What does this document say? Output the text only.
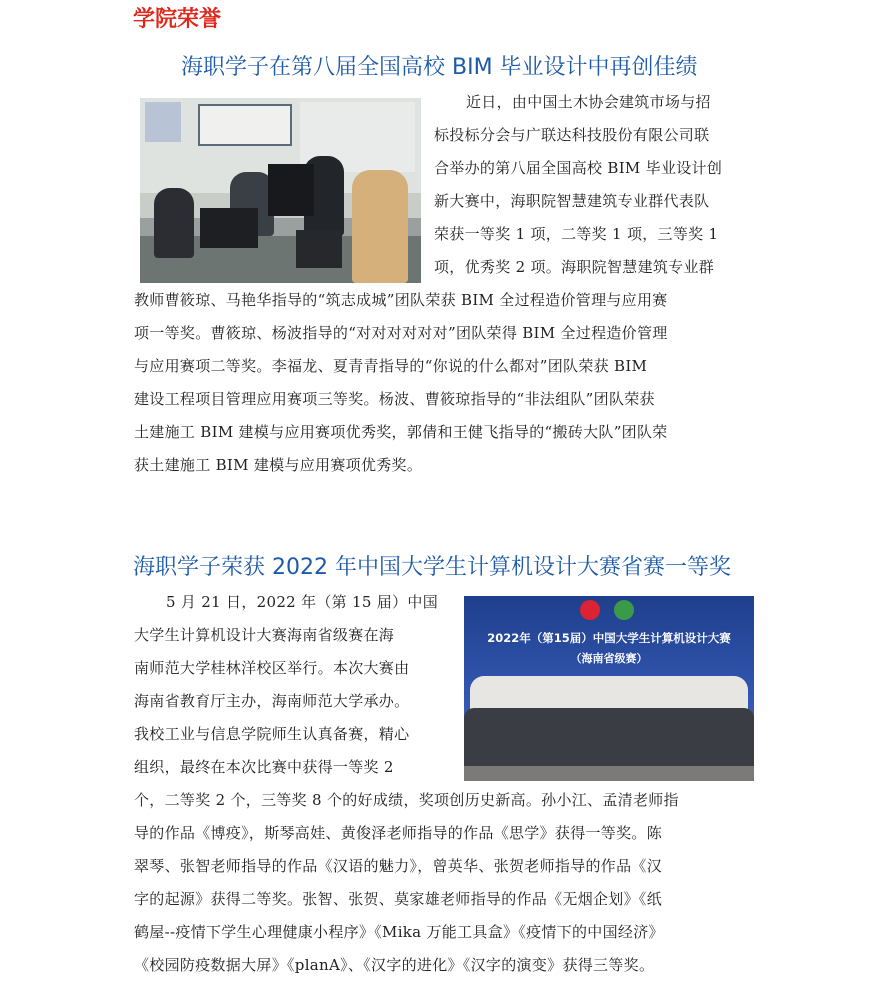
学院荣誉
海职学子在第八届全国高校 BIM 毕业设计中再创佳绩
近日，由中国土木协会建筑市场与招
标投标分会与广联达科技股份有限公司联
合举办的第八届全国高校 BIM 毕业设计创
新大赛中，海职院智慧建筑专业群代表队
荣获一等奖 1 项，二等奖 1 项，三等奖 1
项，优秀奖 2 项。海职院智慧建筑专业群
教师曹筱琼、马艳华指导的“筑志成城”团队荣获 BIM 全过程造价管理与应用赛
项一等奖。曹筱琼、杨波指导的“对对对对对对”团队荣得 BIM 全过程造价管理
与应用赛项二等奖。李福龙、夏青青指导的“你说的什么都对”团队荣获 BIM
建设工程项目管理应用赛项三等奖。杨波、曹筱琼指导的“非法组队”团队荣获
土建施工 BIM 建模与应用赛项优秀奖，郭倩和王健飞指导的“搬砖大队”团队荣
获土建施工 BIM 建模与应用赛项优秀奖。
海职学子荣获 2022 年中国大学生计算机设计大赛省赛一等奖
5 月 21 日，2022 年（第 15 届）中国
大学生计算机设计大赛海南省级赛在海
南师范大学桂林洋校区举行。本次大赛由
海南省教育厅主办，海南师范大学承办。
我校工业与信息学院师生认真备赛，精心
组织，最终在本次比赛中获得一等奖 2
2022年（第15届）中国大学生计算机设计大赛
（海南省级赛）
个，二等奖 2 个，三等奖 8 个的好成绩，奖项创历史新高。孙小江、孟清老师指
导的作品《博疫》，斯琴高娃、黄俊泽老师指导的作品《思学》获得一等奖。陈
翠琴、张智老师指导的作品《汉语的魅力》，曾英华、张贺老师指导的作品《汉
字的起源》获得二等奖。张智、张贺、莫家雄老师指导的作品《无烟企划》《纸
鹤屋--疫情下学生心理健康小程序》《Mika 万能工具盒》《疫情下的中国经济》
《校园防疫数据大屏》《planA》、《汉字的进化》《汉字的演变》获得三等奖。
